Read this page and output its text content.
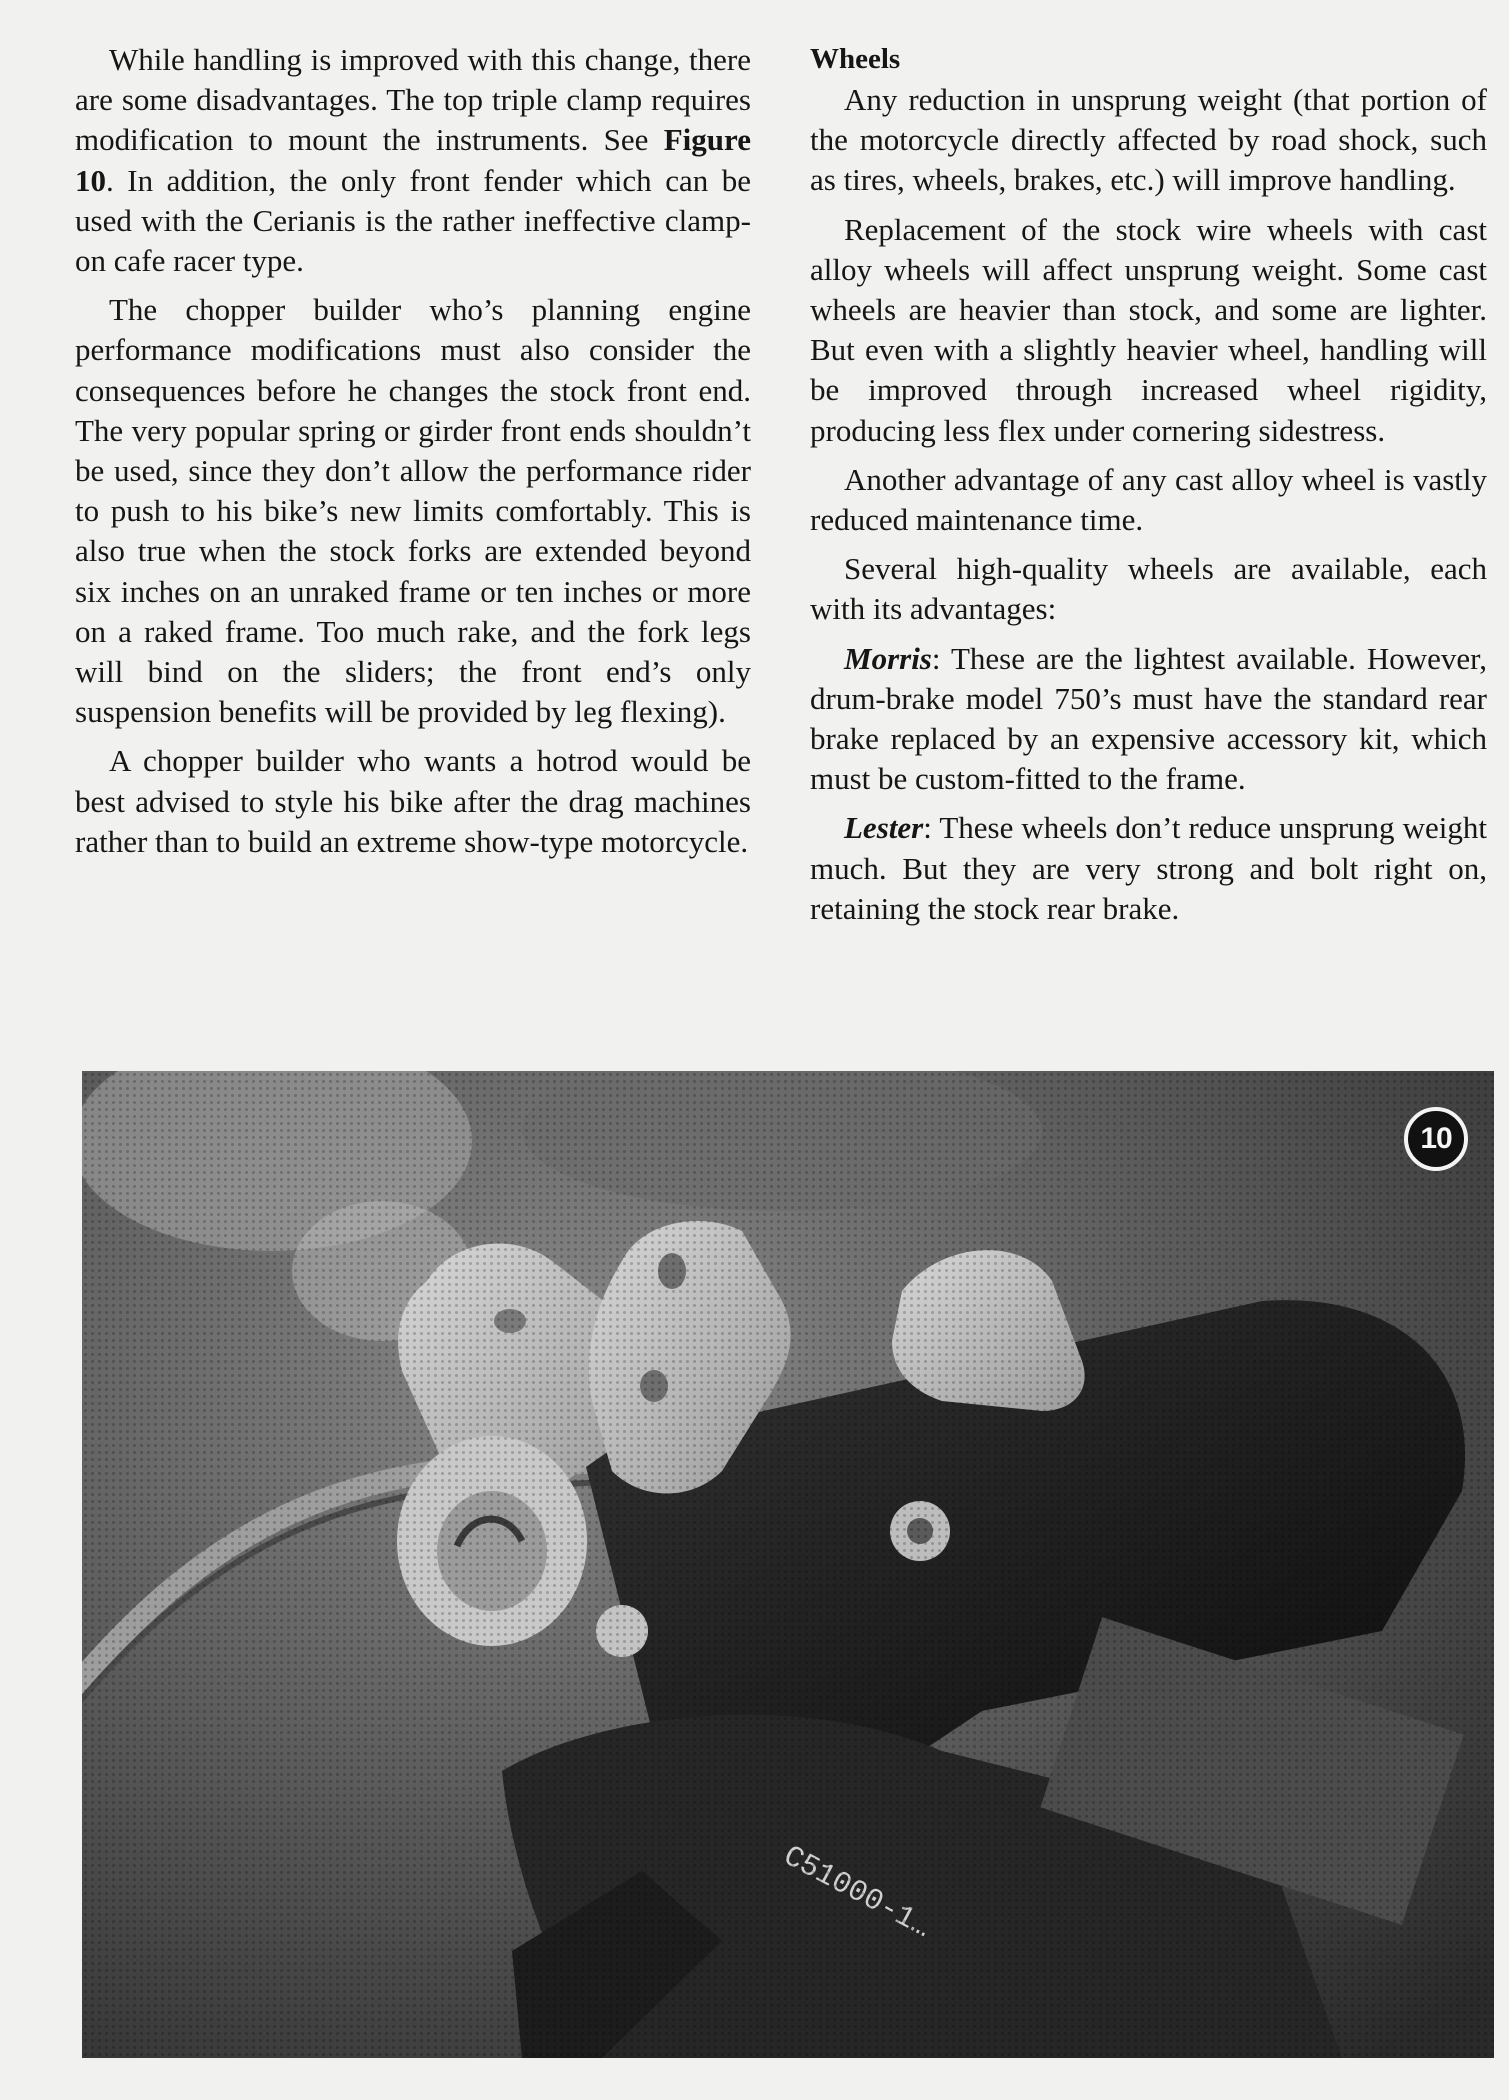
While handling is improved with this change, there are some disadvantages. The top triple clamp requires modification to mount the instruments. See Figure 10. In addition, the only front fender which can be used with the Cerianis is the rather ineffective clamp-on cafe racer type.

The chopper builder who’s planning engine performance modifications must also consider the consequences before he changes the stock front end. The very popular spring or girder front ends shouldn’t be used, since they don’t allow the performance rider to push to his bike’s new limits comfortably. This is also true when the stock forks are extended beyond six inches on an unraked frame or ten inches or more on a raked frame. Too much rake, and the fork legs will bind on the sliders; the front end’s only suspension benefits will be provided by leg flexing).

A chopper builder who wants a hotrod would be best advised to style his bike after the drag machines rather than to build an extreme show-type motorcycle.

Wheels

Any reduction in unsprung weight (that portion of the motorcycle directly affected by road shock, such as tires, wheels, brakes, etc.) will improve handling.

Replacement of the stock wire wheels with cast alloy wheels will affect unsprung weight. Some cast wheels are heavier than stock, and some are lighter. But even with a slightly heavier wheel, handling will be improved through increased wheel rigidity, producing less flex under cornering sidestress.

Another advantage of any cast alloy wheel is vastly reduced maintenance time.

Several high-quality wheels are available, each with its advantages:

Morris: These are the lightest available. However, drum-brake model 750’s must have the standard rear brake replaced by an expensive accessory kit, which must be custom-fitted to the frame.

Lester: These wheels don’t reduce unsprung weight much. But they are very strong and bolt right on, retaining the stock rear brake.

10
